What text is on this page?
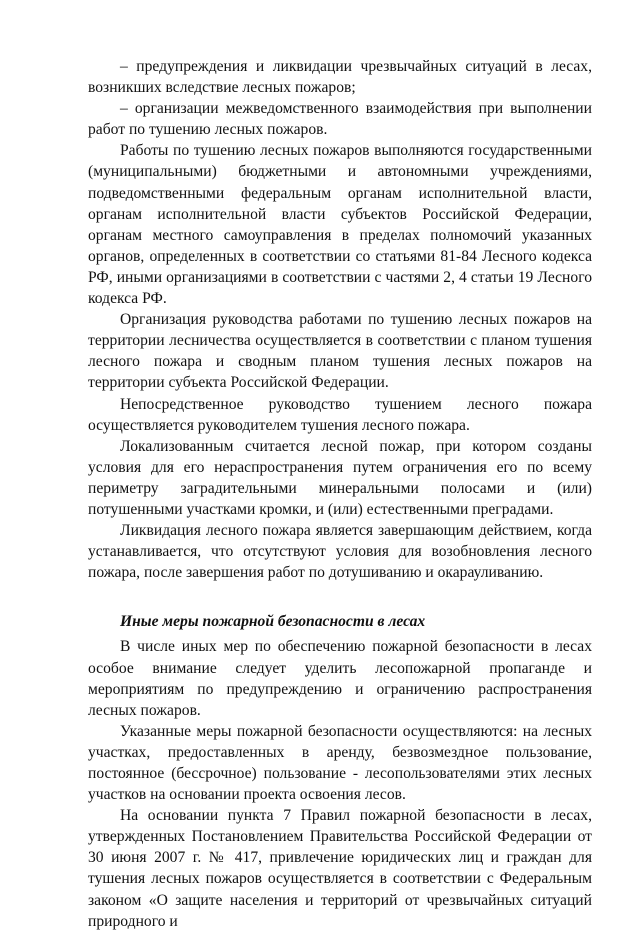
– предупреждения и ликвидации чрезвычайных ситуаций в лесах, возникших вследствие лесных пожаров;

– организации межведомственного взаимодействия при выполнении работ по тушению лесных пожаров.

Работы по тушению лесных пожаров выполняются государственными (муниципальными) бюджетными и автономными учреждениями, подведомственными федеральным органам исполнительной власти, органам исполнительной власти субъектов Российской Федерации, органам местного самоуправления в пределах полномочий указанных органов, определенных в соответствии со статьями 81-84 Лесного кодекса РФ, иными организациями в соответствии с частями 2, 4 статьи 19 Лесного кодекса РФ.

Организация руководства работами по тушению лесных пожаров на территории лесничества осуществляется в соответствии с планом тушения лесного пожара и сводным планом тушения лесных пожаров на территории субъекта Российской Федерации.

Непосредственное руководство тушением лесного пожара осуществляется руководителем тушения лесного пожара.

Локализованным считается лесной пожар, при котором созданы условия для его нераспространения путем ограничения его по всему периметру заградительными минеральными полосами и (или) потушенными участками кромки, и (или) естественными преградами.

Ликвидация лесного пожара является завершающим действием, когда устанавливается, что отсутствуют условия для возобновления лесного пожара, после завершения работ по дотушиванию и окарауливанию.

Иные меры пожарной безопасности в лесах

В числе иных мер по обеспечению пожарной безопасности в лесах особое внимание следует уделить лесопожарной пропаганде и мероприятиям по предупреждению и ограничению распространения лесных пожаров.

Указанные меры пожарной безопасности осуществляются: на лесных участках, предоставленных в аренду, безвозмездное пользование, постоянное (бессрочное) пользование - лесопользователями этих лесных участков на основании проекта освоения лесов.

На основании пункта 7 Правил пожарной безопасности в лесах, утвержденных Постановлением Правительства Российской Федерации от 30 июня 2007 г. № 417, привлечение юридических лиц и граждан для тушения лесных пожаров осуществляется в соответствии с Федеральным законом «О защите населения и территорий от чрезвычайных ситуаций природного и
